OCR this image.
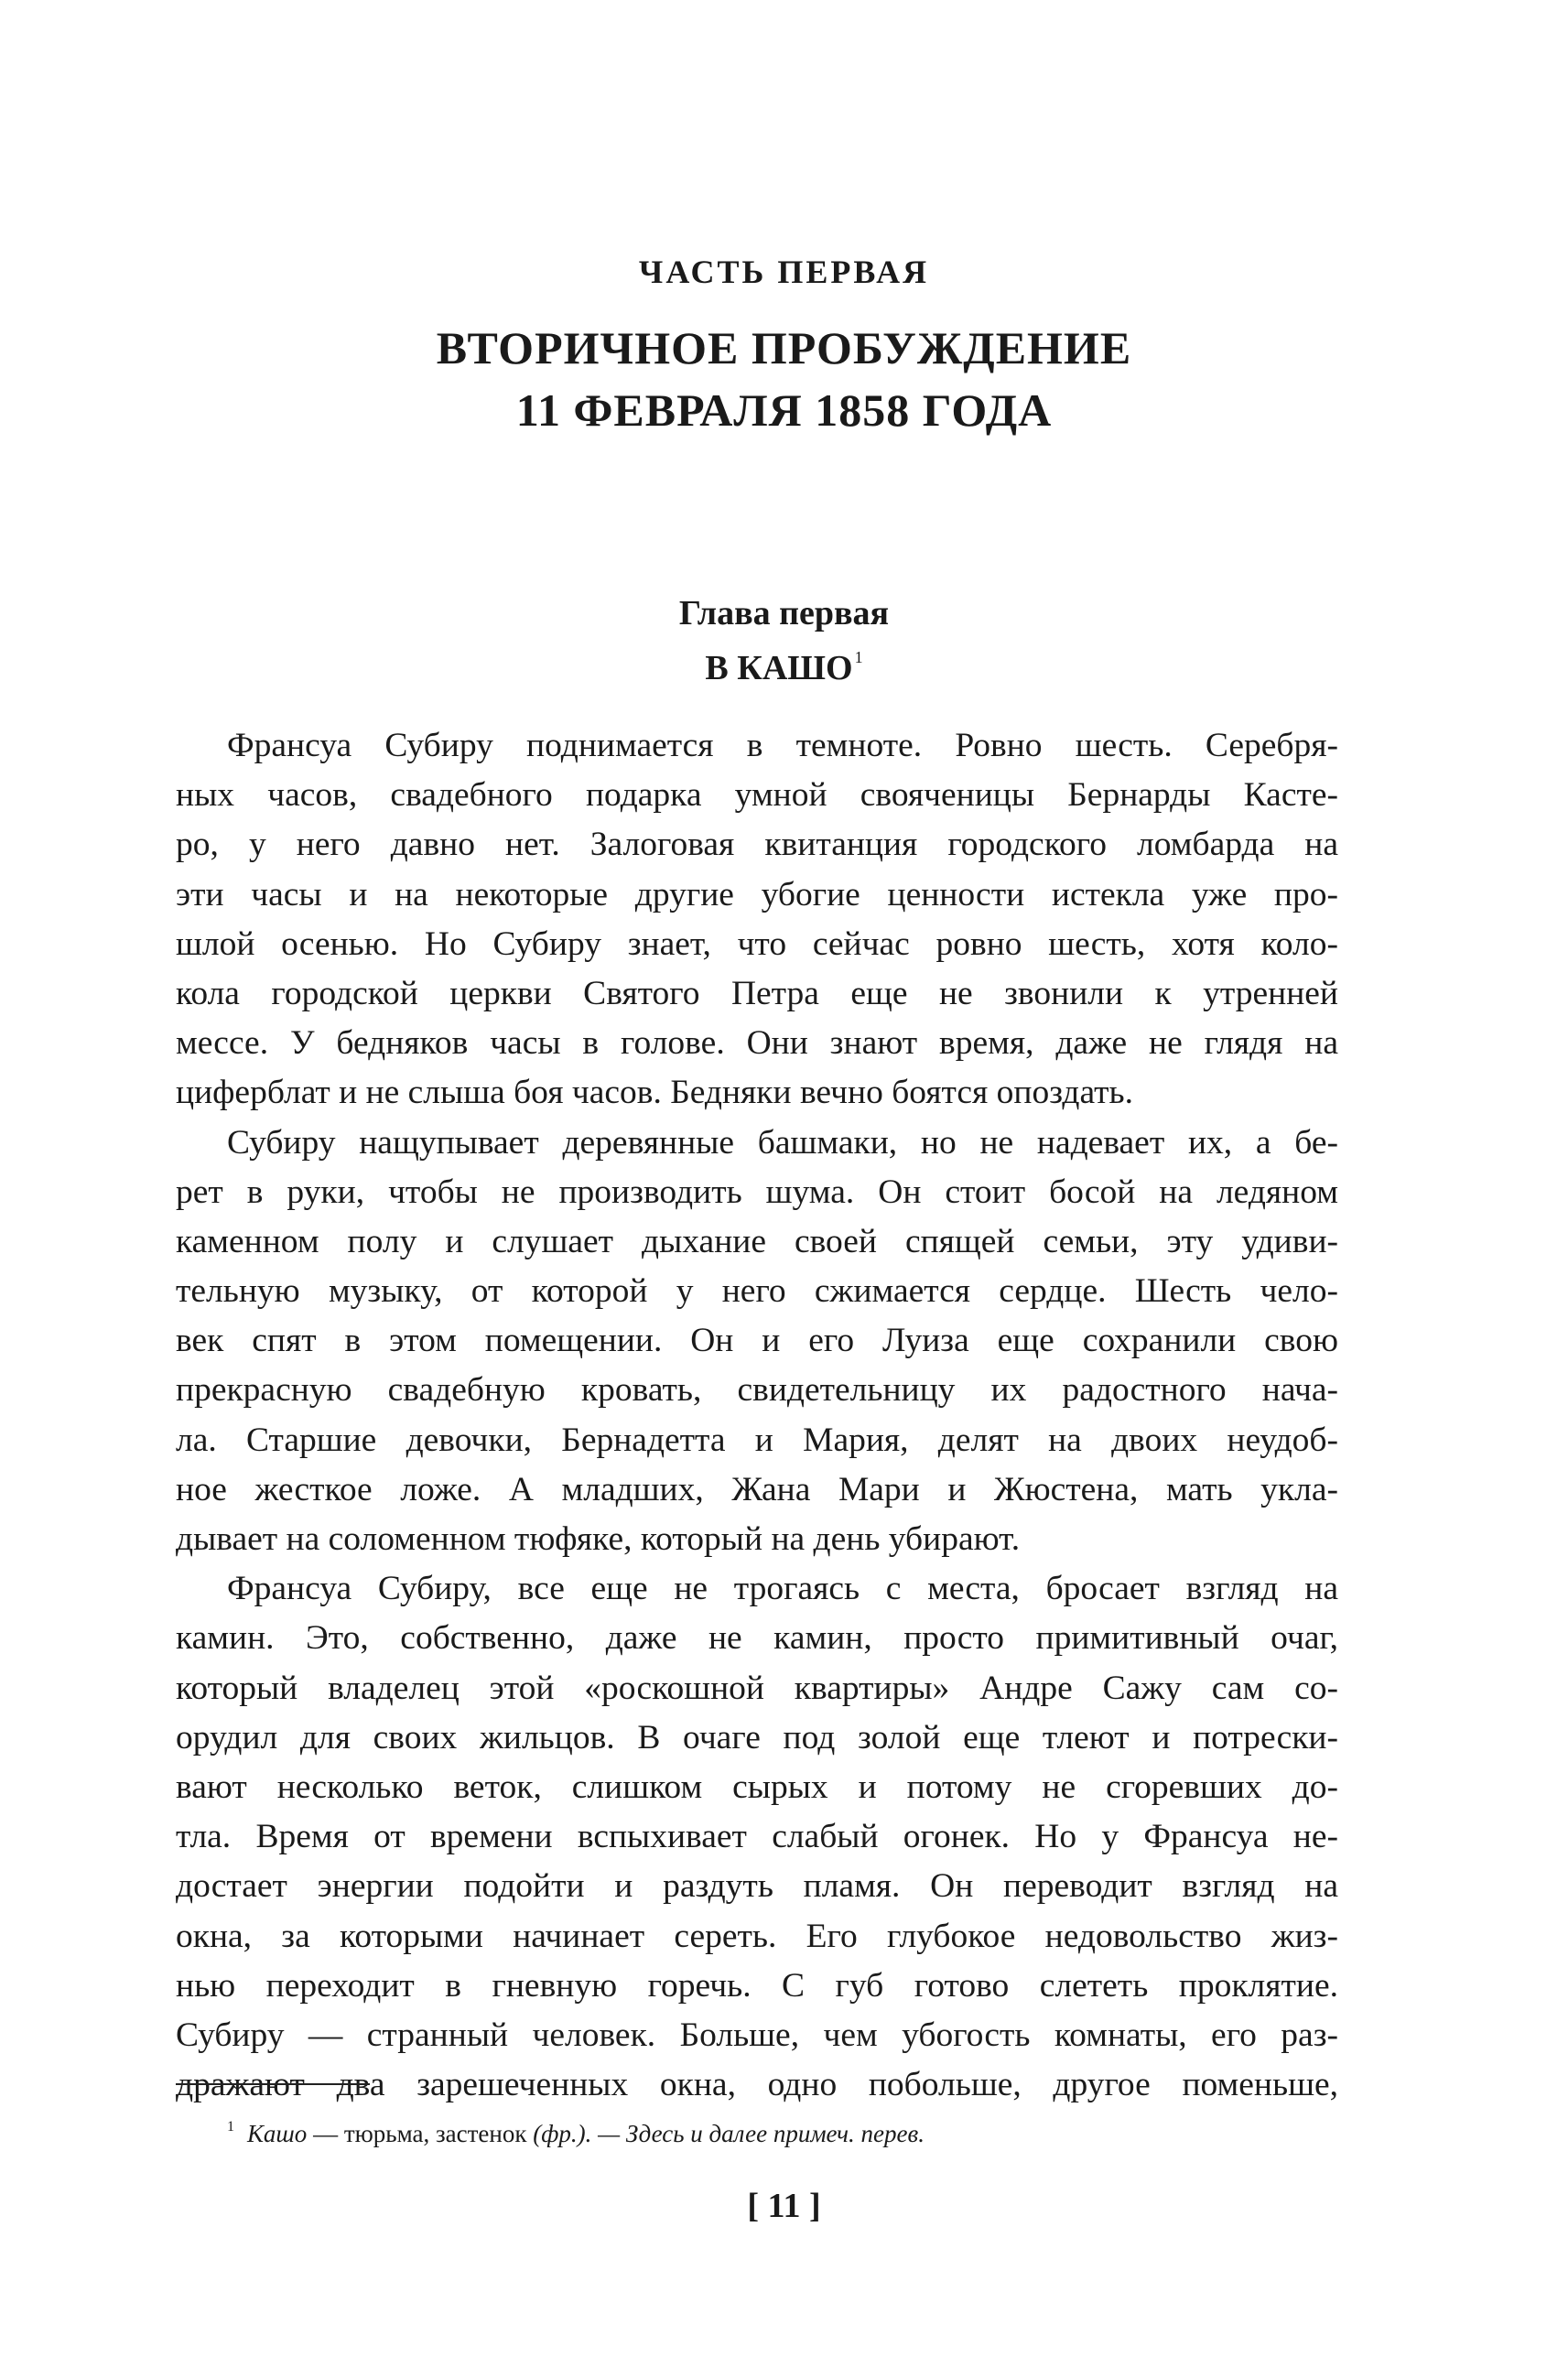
ЧАСТЬ ПЕРВАЯ
ВТОРИЧНОЕ ПРОБУЖДЕНИЕ
11 ФЕВРАЛЯ 1858 ГОДА
Глава первая
В КАШО $^1$
Франсуа Субиру поднимается в темноте. Ровно шесть. Серебря-
ных часов, свадебного подарка умной свояченицы Бернарды Касте-
ро, у него давно нет. Залоговая квитанция городского ломбарда на
эти часы и на некоторые другие убогие ценности истекла уже про-
шлой осенью. Но Субиру знает, что сейчас ровно шесть, хотя коло-
кола городской церкви Святого Петра еще не звонили к утренней
мессе. У бедняков часы в голове. Они знают время, даже не глядя на
циферблат и не слыша боя часов. Бедняки вечно боятся опоздать.
Субиру нащупывает деревянные башмаки, но не надевает их, а бе-
рет в руки, чтобы не производить шума. Он стоит босой на ледяном
каменном полу и слушает дыхание своей спящей семьи, эту удиви-
тельную музыку, от которой у него сжимается сердце. Шесть чело-
век спят в этом помещении. Он и его Луиза еще сохранили свою
прекрасную свадебную кровать, свидетельницу их радостного нача-
ла. Старшие девочки, Бернадетта и Мария, делят на двоих неудоб-
ное жесткое ложе. А младших, Жана Мари и Жюстена, мать укла-
дывает на соломенном тюфяке, который на день убирают.
Франсуа Субиру, все еще не трогаясь с места, бросает взгляд на
камин. Это, собственно, даже не камин, просто примитивный очаг,
который владелец этой «роскошной квартиры» Андре Сажу сам со-
орудил для своих жильцов. В очаге под золой еще тлеют и потрески-
вают несколько веток, слишком сырых и потому не сгоревших до-
тла. Время от времени вспыхивает слабый огонек. Но у Франсуа не-
достает энергии подойти и раздуть пламя. Он переводит взгляд на
окна, за которыми начинает сереть. Его глубокое недовольство жиз-
нью переходит в гневную горечь. С губ готово слететь проклятие.
Субиру — странный человек. Больше, чем убогость комнаты, его раз-
дражают два зарешеченных окна, одно побольше, другое поменьше,
$^1$ Кашо — тюрьма, застенок (фр.). — Здесь и далее примеч. перев.
[ 11 ]
